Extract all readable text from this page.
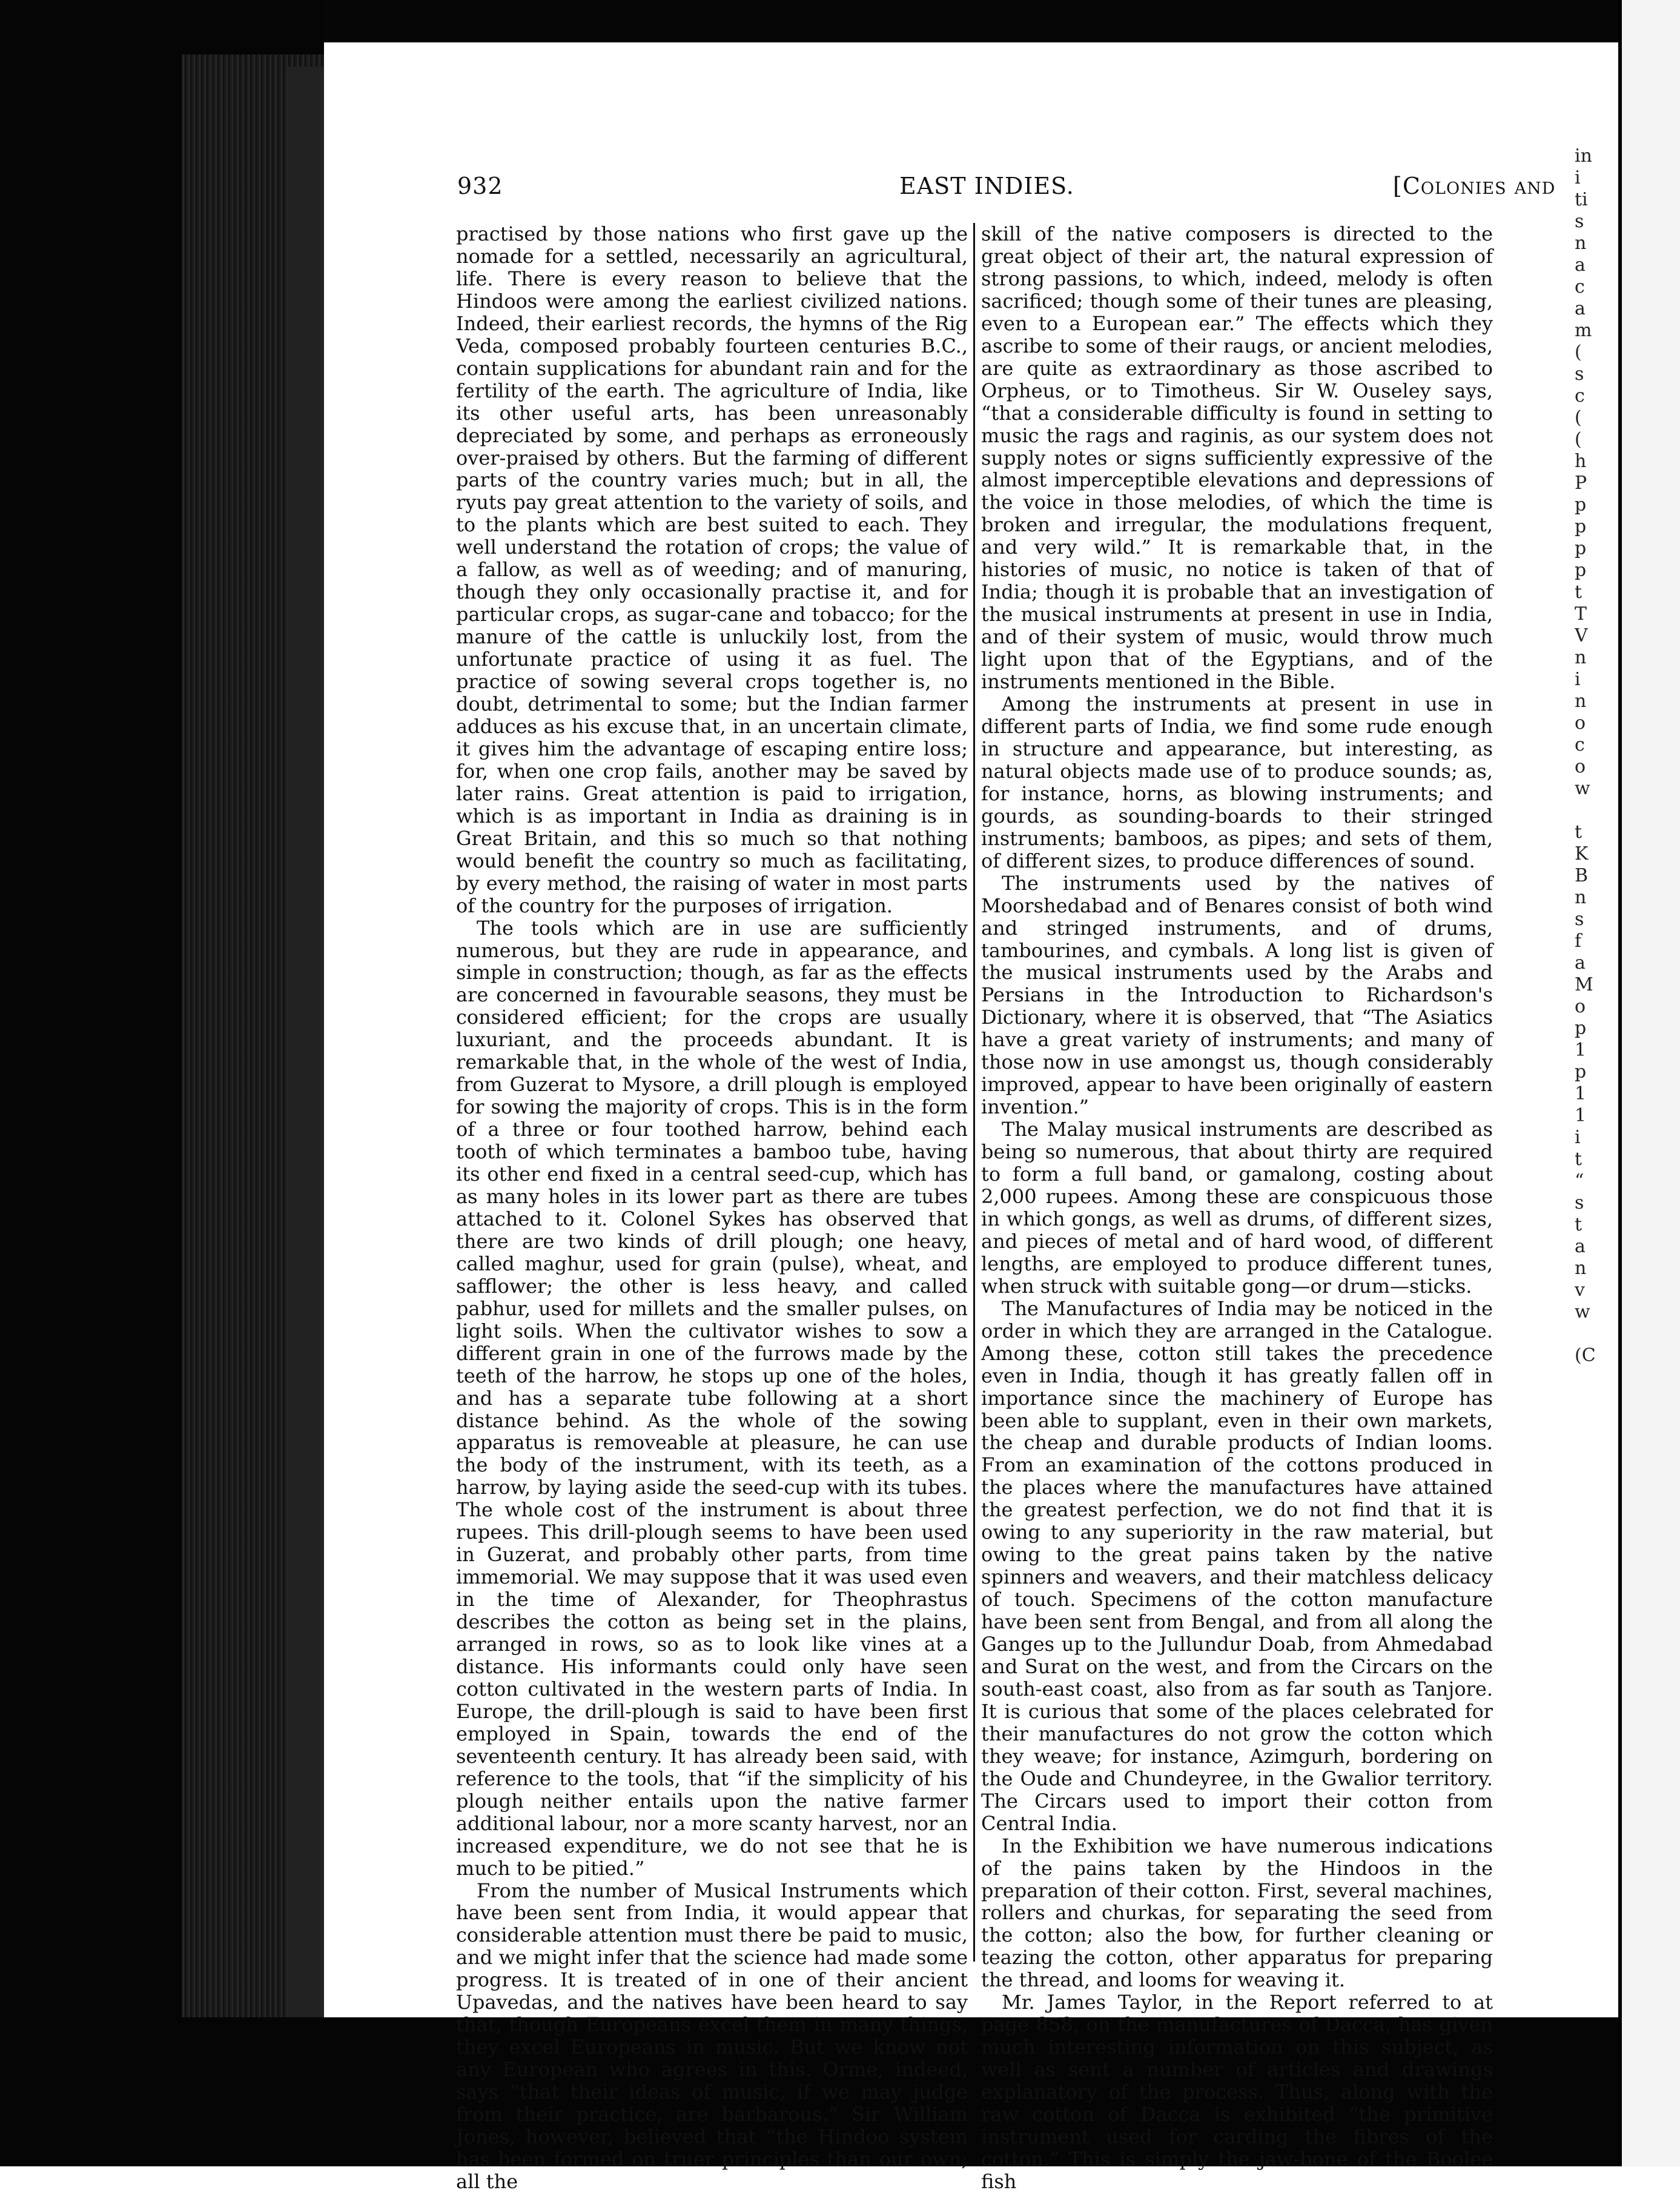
932	EAST INDIES.	[Colonies and

practised by those nations who first gave up the nomade for a settled, necessarily an agricultural, life. There is every reason to believe that the Hindoos were among the earliest civilized nations. Indeed, their earliest records, the hymns of the Rig Veda, composed probably fourteen centuries B.C., contain supplications for abundant rain and for the fertility of the earth. The agriculture of India, like its other useful arts, has been unreasonably depreciated by some, and perhaps as erroneously over-praised by others. But the farming of different parts of the country varies much; but in all, the ryuts pay great attention to the variety of soils, and to the plants which are best suited to each. They well understand the rotation of crops; the value of a fallow, as well as of weeding; and of manuring, though they only occasionally practise it, and for particular crops, as sugar-cane and tobacco; for the manure of the cattle is unluckily lost, from the unfortunate practice of using it as fuel. The practice of sowing several crops together is, no doubt, detrimental to some; but the Indian farmer adduces as his excuse that, in an uncertain climate, it gives him the advantage of escaping entire loss; for, when one crop fails, another may be saved by later rains. Great attention is paid to irrigation, which is as important in India as draining is in Great Britain, and this so much so that nothing would benefit the country so much as facilitating, by every method, the raising of water in most parts of the country for the purposes of irrigation.

The tools which are in use are sufficiently numerous, but they are rude in appearance, and simple in construction; though, as far as the effects are concerned in favourable seasons, they must be considered efficient; for the crops are usually luxuriant, and the proceeds abundant. It is remarkable that, in the whole of the west of India, from Guzerat to Mysore, a drill plough is employed for sowing the majority of crops. This is in the form of a three or four toothed harrow, behind each tooth of which terminates a bamboo tube, having its other end fixed in a central seed-cup, which has as many holes in its lower part as there are tubes attached to it. Colonel Sykes has observed that there are two kinds of drill plough; one heavy, called maghur, used for grain (pulse), wheat, and safflower; the other is less heavy, and called pabhur, used for millets and the smaller pulses, on light soils. When the cultivator wishes to sow a different grain in one of the furrows made by the teeth of the harrow, he stops up one of the holes, and has a separate tube following at a short distance behind. As the whole of the sowing apparatus is removeable at pleasure, he can use the body of the instrument, with its teeth, as a harrow, by laying aside the seed-cup with its tubes. The whole cost of the instrument is about three rupees. This drill-plough seems to have been used in Guzerat, and probably other parts, from time immemorial. We may suppose that it was used even in the time of Alexander, for Theophrastus describes the cotton as being set in the plains, arranged in rows, so as to look like vines at a distance. His informants could only have seen cotton cultivated in the western parts of India. In Europe, the drill-plough is said to have been first employed in Spain, towards the end of the seventeenth century. It has already been said, with reference to the tools, that “if the simplicity of his plough neither entails upon the native farmer additional labour, nor a more scanty harvest, nor an increased expenditure, we do not see that he is much to be pitied.”

From the number of Musical Instruments which have been sent from India, it would appear that considerable attention must there be paid to music, and we might infer that the science had made some progress. It is treated of in one of their ancient Upavedas, and the natives have been heard to say that, though Europeans excel them in many things, they excel Europeans in music. But we know not any European who agrees in this. Orme, indeed, says “that their ideas of music, if we may judge from their practice, are barbarous.” Sir William Jones, however, believed that “the Hindoo system has been formed on truer principles than our own; all the

skill of the native composers is directed to the great object of their art, the natural expression of strong passions, to which, indeed, melody is often sacrificed; though some of their tunes are pleasing, even to a European ear.” The effects which they ascribe to some of their raugs, or ancient melodies, are quite as extraordinary as those ascribed to Orpheus, or to Timotheus. Sir W. Ouseley says, “that a considerable difficulty is found in setting to music the rags and raginis, as our system does not supply notes or signs sufficiently expressive of the almost imperceptible elevations and depressions of the voice in those melodies, of which the time is broken and irregular, the modulations frequent, and very wild.” It is remarkable that, in the histories of music, no notice is taken of that of India; though it is probable that an investigation of the musical instruments at present in use in India, and of their system of music, would throw much light upon that of the Egyptians, and of the instruments mentioned in the Bible.

Among the instruments at present in use in different parts of India, we find some rude enough in structure and appearance, but interesting, as natural objects made use of to produce sounds; as, for instance, horns, as blowing instruments; and gourds, as sounding-boards to their stringed instruments; bamboos, as pipes; and sets of them, of different sizes, to produce differences of sound.

The instruments used by the natives of Moorshedabad and of Benares consist of both wind and stringed instruments, and of drums, tambourines, and cymbals. A long list is given of the musical instruments used by the Arabs and Persians in the Introduction to Richardson's Dictionary, where it is observed, that “The Asiatics have a great variety of instruments; and many of those now in use amongst us, though considerably improved, appear to have been originally of eastern invention.”

The Malay musical instruments are described as being so numerous, that about thirty are required to form a full band, or gamalong, costing about 2,000 rupees. Among these are conspicuous those in which gongs, as well as drums, of different sizes, and pieces of metal and of hard wood, of different lengths, are employed to produce different tunes, when struck with suitable gong—or drum—sticks.

The Manufactures of India may be noticed in the order in which they are arranged in the Catalogue. Among these, cotton still takes the precedence even in India, though it has greatly fallen off in importance since the machinery of Europe has been able to supplant, even in their own markets, the cheap and durable products of Indian looms. From an examination of the cottons produced in the places where the manufactures have attained the greatest perfection, we do not find that it is owing to any superiority in the raw material, but owing to the great pains taken by the native spinners and weavers, and their matchless delicacy of touch. Specimens of the cotton manufacture have been sent from Bengal, and from all along the Ganges up to the Jullundur Doab, from Ahmedabad and Surat on the west, and from the Circars on the south-east coast, also from as far south as Tanjore. It is curious that some of the places celebrated for their manufactures do not grow the cotton which they weave; for instance, Azimgurh, bordering on the Oude and Chundeyree, in the Gwalior territory. The Circars used to import their cotton from Central India.

In the Exhibition we have numerous indications of the pains taken by the Hindoos in the preparation of their cotton. First, several machines, rollers and churkas, for separating the seed from the cotton; also the bow, for further cleaning or teazing the cotton, other apparatus for preparing the thread, and looms for weaving it.

Mr. James Taylor, in the Report referred to at page 858, on the manufactures of Dacca, has given much interesting information on this subject, as well as sent a number of articles and drawings explanatory of the process. Thus, along with the raw cotton of Dacca is exhibited “the primitive instrument used for carding the fibres of the cotton.” This is simply the jaw-bone of the Boolee fish

in
i
ti
s
n
a
c
a
m
(
s
c
(
(
h
P
p
p
p
p
t
T
V
n
i
n
o
c
o
w
t
K
B
n
s
f
a
M
o
p
1
p
1
1
i
t
“
s
t
a
n
v
w
(C
